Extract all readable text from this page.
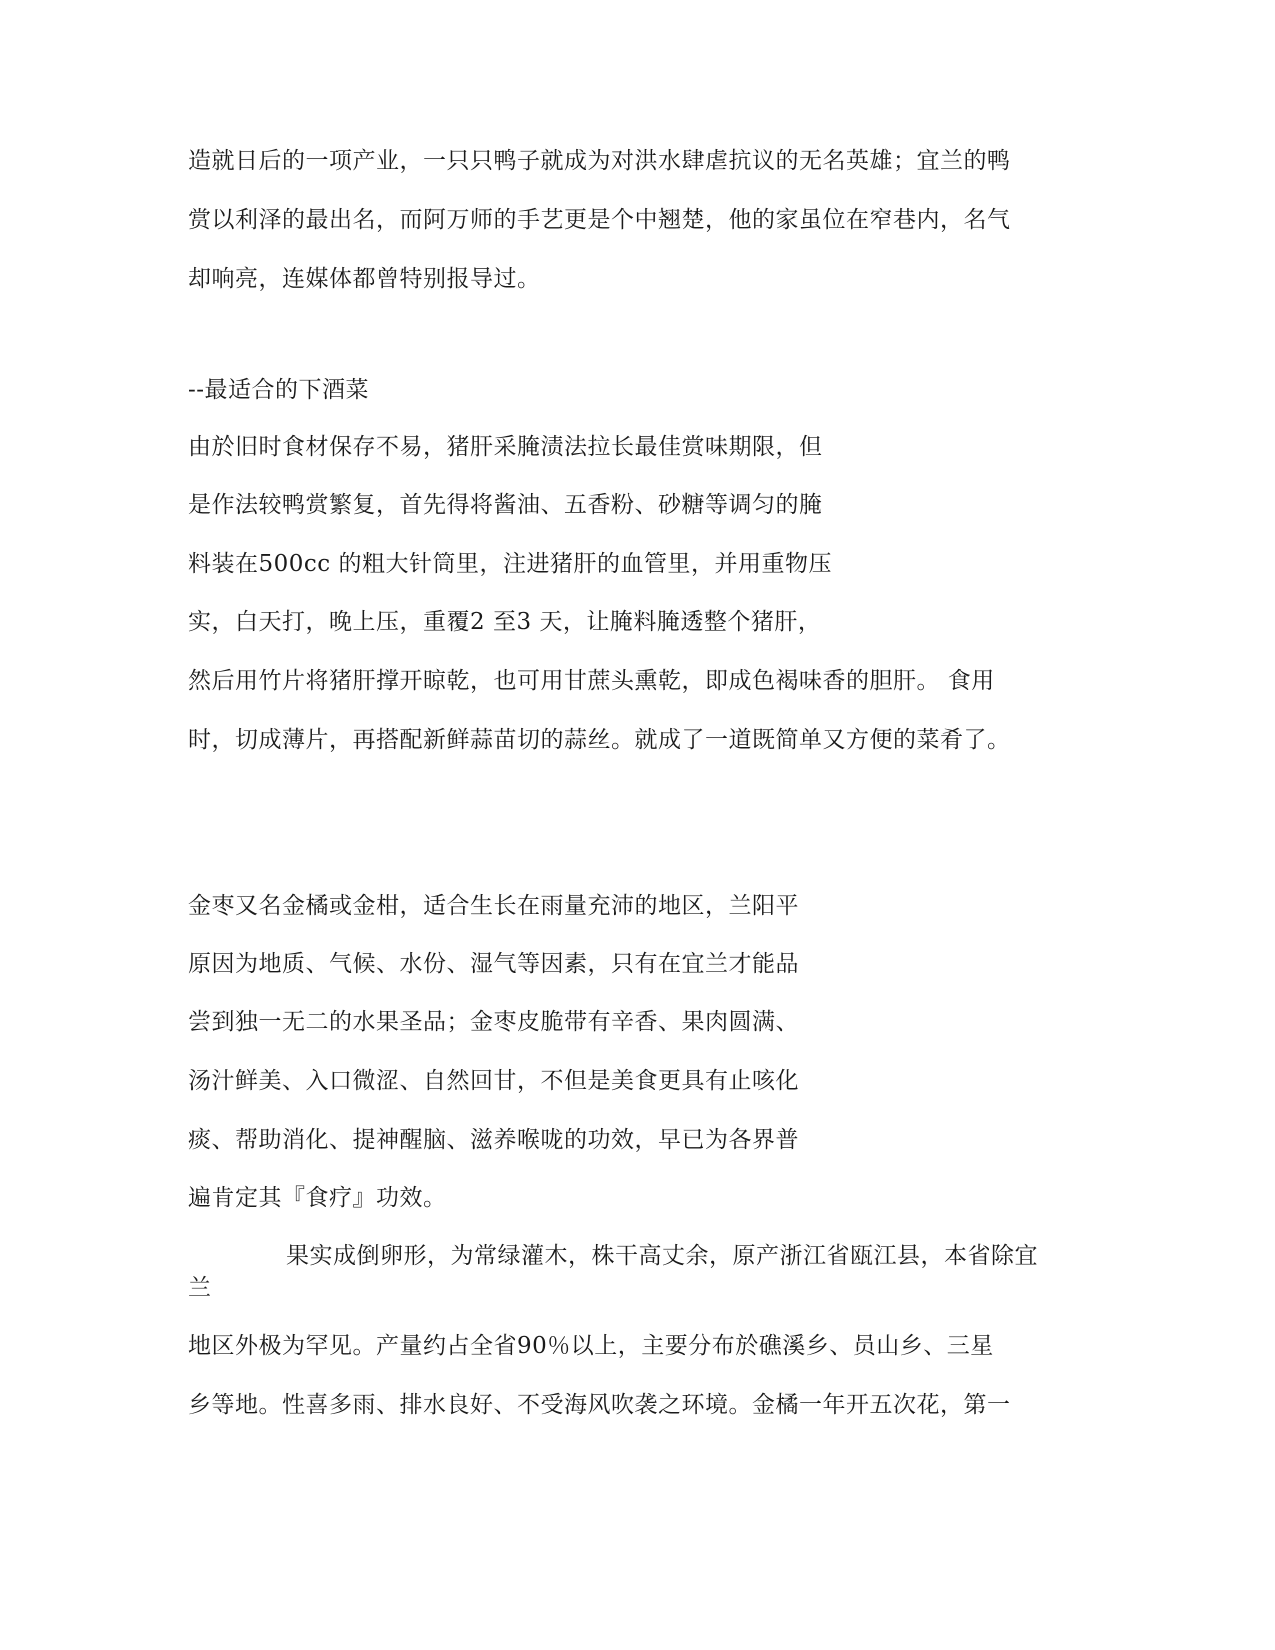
造就日后的一项产业，一只只鸭子就成为对洪水肆虐抗议的无名英雄；宜兰的鸭
赏以利泽的最出名，而阿万师的手艺更是个中翘楚，他的家虽位在窄巷内，名气
却响亮，连媒体都曾特别报导过。
--最适合的下酒菜
由於旧时食材保存不易，猪肝采腌渍法拉长最佳赏味期限，但
是作法较鸭赏繁复，首先得将酱油、五香粉、砂糖等调匀的腌
料装在500cc 的粗大针筒里，注进猪肝的血管里，并用重物压
实，白天打，晚上压，重覆2 至3 天，让腌料腌透整个猪肝，
然后用竹片将猪肝撑开晾乾，也可用甘蔗头熏乾，即成色褐味香的胆肝。 食用
时，切成薄片，再搭配新鲜蒜苗切的蒜丝。就成了一道既简单又方便的菜肴了。
金枣又名金橘或金柑，适合生长在雨量充沛的地区，兰阳平
原因为地质、气候、水份、湿气等因素，只有在宜兰才能品
尝到独一无二的水果圣品；金枣皮脆带有辛香、果肉圆满、
汤汁鲜美、入口微涩、自然回甘，不但是美食更具有止咳化
痰、帮助消化、提神醒脑、滋养喉咙的功效，早已为各界普
遍肯定其『食疗』功效。
果实成倒卵形，为常绿灌木，株干高丈余，原产浙江省瓯江县，本省除宜
兰
地区外极为罕见。产量约占全省90％以上，主要分布於礁溪乡、员山乡、三星
乡等地。性喜多雨、排水良好、不受海风吹袭之环境。金橘一年开五次花，第一
